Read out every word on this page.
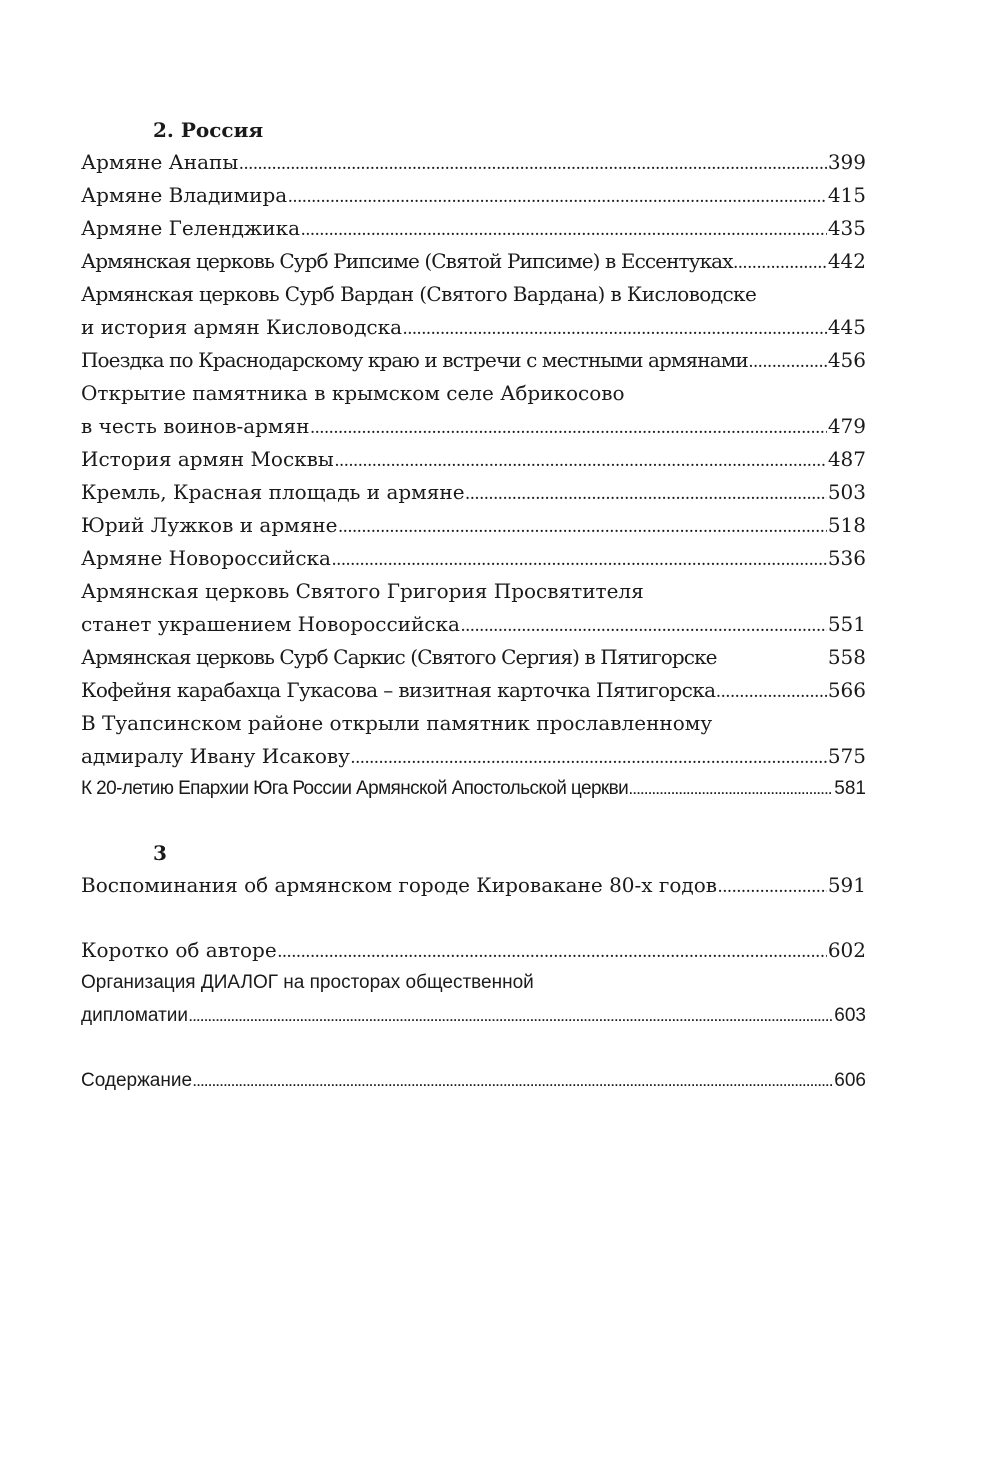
2. Россия
Армяне Анапы .....	399
Армяне Владимира .....	415
Армяне Геленджика .....	435
Армянская церковь Сурб Рипсиме (Святой Рипсиме) в Ессентуках .....	442
Армянская церковь Сурб Вардан (Святого Вардана) в Кисловодске
и история армян Кисловодска .....	445
Поездка по Краснодарскому краю и встречи с местными армянами .....	456
Открытие памятника в крымском селе Абрикосово
в честь воинов-армян .....	479
История армян Москвы .....	487
Кремль, Красная площадь и армяне .....	503
Юрий Лужков и армяне .....	518
Армяне Новороссийска .....	536
Армянская церковь Святого Григория Просвятителя
станет украшением Новороссийска .....	551
Армянская церковь Сурб Саркис (Святого Сергия) в Пятигорске	558
Кофейня карабахца Гукасова – визитная карточка Пятигорска .....	566
В Туапсинском районе открыли памятник прославленному
адмиралу Ивану Исакову .....	575
К 20-летию Епархии Юга России Армянской Апостольской церкви .....	581
3
Воспоминания об армянском городе Кировакане 80-х годов .....	591
Коротко об авторе .....	602
Организация ДИАЛОГ на просторах общественной
дипломатии .....	603
Содержание .....	606
